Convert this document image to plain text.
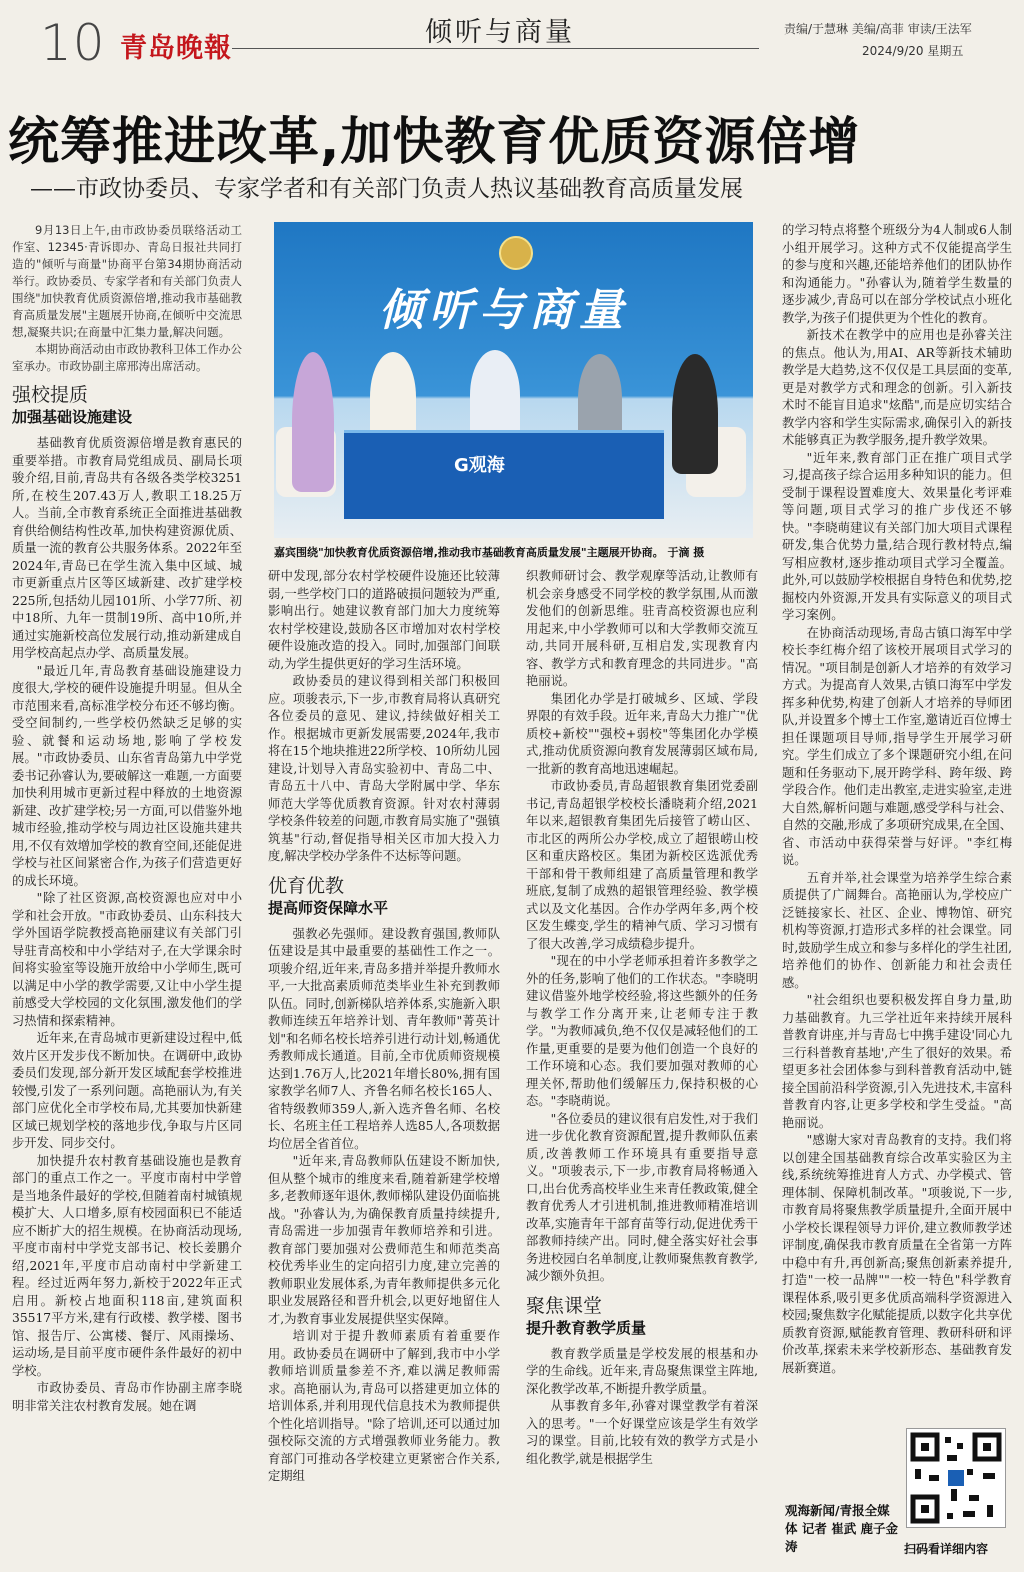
10 青岛晚報
倾听与商量	责编/于慧琳 美编/高菲 审读/王法军
2024/9/20 星期五
统筹推进改革,加快教育优质资源倍增
——市政协委员、专家学者和有关部门负责人热议基础教育高质量发展

9月13日上午,由市政协委员联络活动工作室、12345·青诉即办、青岛日报社共同打造的"倾听与商量"协商平台第34期协商活动举行。政协委员、专家学者和有关部门负责人围绕"加快教育优质资源倍增,推动我市基础教育高质量发展"主题展开协商,在倾听中交流思想,凝聚共识;在商量中汇集力量,解决问题。

本期协商活动由市政协教科卫体工作办公室承办。市政协副主席邢涛出席活动。

强校提质
加强基础设施建设

基础教育优质资源倍增是教育惠民的重要举措。市教育局党组成员、副局长项骏介绍,目前,青岛共有各级各类学校3251所,在校生207.43万人,教职工18.25万人。当前,全市教育系统正全面推进基础教育供给侧结构性改革,加快构建资源优质、质量一流的教育公共服务体系。2022年至2024年,青岛已在学生流入集中区域、城市更新重点片区等区域新建、改扩建学校225所,包括幼儿园101所、小学77所、初中18所、九年一贯制19所、高中10所,并通过实施新校高位发展行动,推动新建成自用学校高起点办学、高质量发展。

"最近几年,青岛教育基础设施建设力度很大,学校的硬件设施提升明显。但从全市范围来看,高标准学校分布还不够均衡。受空间制约,一些学校仍然缺乏足够的实验、就餐和运动场地,影响了学校发展。"市政协委员、山东省青岛第九中学党委书记孙睿认为,要破解这一难题,一方面要加快利用城市更新过程中释放的土地资源新建、改扩建学校;另一方面,可以借鉴外地城市经验,推动学校与周边社区设施共建共用,不仅有效增加学校的教育空间,还能促进学校与社区间紧密合作,为孩子们营造更好的成长环境。

"除了社区资源,高校资源也应对中小学和社会开放。"市政协委员、山东科技大学外国语学院教授高艳丽建议有关部门引导驻青高校和中小学结对子,在大学课余时间将实验室等设施开放给中小学师生,既可以满足中小学的教学需要,又让中小学生提前感受大学校园的文化氛围,激发他们的学习热情和探索精神。

近年来,在青岛城市更新建设过程中,低效片区开发步伐不断加快。在调研中,政协委员们发现,部分新开发区域配套学校推进较慢,引发了一系列问题。高艳丽认为,有关部门应优化全市学校布局,尤其要加快新建区域已规划学校的落地步伐,争取与片区同步开发、同步交付。

加快提升农村教育基础设施也是教育部门的重点工作之一。平度市南村中学曾是当地条件最好的学校,但随着南村城镇规模扩大、人口增多,原有校园面积已不能适应不断扩大的招生规模。在协商活动现场,平度市南村中学党支部书记、校长姜鹏介绍,2021年,平度市启动南村中学新建工程。经过近两年努力,新校于2022年正式启用。新校占地面积118亩,建筑面积35517平方米,建有行政楼、教学楼、图书馆、报告厅、公寓楼、餐厅、风雨操场、运动场,是目前平度市硬件条件最好的初中学校。

市政协委员、青岛市作协副主席李晓明非常关注农村教育发展。她在调

倾听与商量
G观海
嘉宾围绕"加快教育优质资源倍增,推动我市基础教育高质量发展"主题展开协商。 于滴 摄

研中发现,部分农村学校硬件设施还比较薄弱,一些学校门口的道路破损问题较为严重,影响出行。她建议教育部门加大力度统筹农村学校建设,鼓励各区市增加对农村学校硬件设施改造的投入。同时,加强部门间联动,为学生提供更好的学习生活环境。

政协委员的建议得到相关部门积极回应。项骏表示,下一步,市教育局将认真研究各位委员的意见、建议,持续做好相关工作。根据城市更新发展需要,2024年,我市将在15个地块推进22所学校、10所幼儿园建设,计划导入青岛实验初中、青岛二中、青岛五十八中、青岛大学附属中学、华东师范大学等优质教育资源。针对农村薄弱学校条件较差的问题,市教育局实施了"强镇筑基"行动,督促指导相关区市加大投入力度,解决学校办学条件不达标等问题。

优育优教
提高师资保障水平

强教必先强师。建设教育强国,教师队伍建设是其中最重要的基础性工作之一。项骏介绍,近年来,青岛多措并举提升教师水平,一大批高素质师范类毕业生补充到教师队伍。同时,创新梯队培养体系,实施新入职教师连续五年培养计划、青年教师"菁英计划"和名师名校长培养引进行动计划,畅通优秀教师成长通道。目前,全市优质师资规模达到1.76万人,比2021年增长80%,拥有国家教学名师7人、齐鲁名师名校长165人、省特级教师359人,新入选齐鲁名师、名校长、名班主任工程培养人选85人,各项数据均位居全省首位。

"近年来,青岛教师队伍建设不断加快,但从整个城市的维度来看,随着新建学校增多,老教师逐年退休,教师梯队建设仍面临挑战。"孙睿认为,为确保教育质量持续提升,青岛需进一步加强青年教师培养和引进。教育部门要加强对公费师范生和师范类高校优秀毕业生的定向招引力度,建立完善的教师职业发展体系,为青年教师提供多元化职业发展路径和晋升机会,以更好地留住人才,为教育事业发展提供坚实保障。

培训对于提升教师素质有着重要作用。政协委员在调研中了解到,我市中小学教师培训质量参差不齐,难以满足教师需求。高艳丽认为,青岛可以搭建更加立体的培训体系,并利用现代信息技术为教师提供个性化培训指导。"除了培训,还可以通过加强校际交流的方式增强教师业务能力。教育部门可推动各学校建立更紧密合作关系,定期组

织教师研讨会、教学观摩等活动,让教师有机会亲身感受不同学校的教学氛围,从而激发他们的创新思维。驻青高校资源也应利用起来,中小学教师可以和大学教师交流互动,共同开展科研,互相启发,实现教育内容、教学方式和教育理念的共同进步。"高艳丽说。

集团化办学是打破城乡、区域、学段界限的有效手段。近年来,青岛大力推广"优质校+新校""强校+弱校"等集团化办学模式,推动优质资源向教育发展薄弱区域布局,一批新的教育高地迅速崛起。

市政协委员,青岛超银教育集团党委副书记,青岛超银学校校长潘晓莉介绍,2021年以来,超银教育集团先后接管了崂山区、市北区的两所公办学校,成立了超银崂山校区和重庆路校区。集团为新校区选派优秀干部和骨干教师组建了高质量管理和教学班底,复制了成熟的超银管理经验、教学模式以及文化基因。合作办学两年多,两个校区发生蝶变,学生的精神气质、学习习惯有了很大改善,学习成绩稳步提升。

"现在的中小学老师承担着许多教学之外的任务,影响了他们的工作状态。"李晓明建议借鉴外地学校经验,将这些额外的任务与教学工作分离开来,让老师专注于教学。"为教师减负,绝不仅仅是减轻他们的工作量,更重要的是要为他们创造一个良好的工作环境和心态。我们要加强对教师的心理关怀,帮助他们缓解压力,保持积极的心态。"李晓萌说。

"各位委员的建议很有启发性,对于我们进一步优化教育资源配置,提升教师队伍素质,改善教师工作环境具有重要指导意义。"项骏表示,下一步,市教育局将畅通入口,出台优秀高校毕业生来青任教政策,健全教育优秀人才引进机制,推进教师精准培训改革,实施青年干部育苗等行动,促进优秀干部教师持续产出。同时,健全落实好社会事务进校园白名单制度,让教师聚焦教育教学,减少额外负担。

聚焦课堂
提升教育教学质量

教育教学质量是学校发展的根基和办学的生命线。近年来,青岛聚焦课堂主阵地,深化教学改革,不断提升教学质量。

从事教育多年,孙睿对课堂教学有着深入的思考。"一个好课堂应该是学生有效学习的课堂。目前,比较有效的教学方式是小组化教学,就是根据学生

的学习特点将整个班级分为4人制或6人制小组开展学习。这种方式不仅能提高学生的参与度和兴趣,还能培养他们的团队协作和沟通能力。"孙睿认为,随着学生数量的逐步减少,青岛可以在部分学校试点小班化教学,为孩子们提供更为个性化的教育。

新技术在教学中的应用也是孙睿关注的焦点。他认为,用AI、AR等新技术辅助教学是大趋势,这不仅仅是工具层面的变革,更是对教学方式和理念的创新。引入新技术时不能盲目追求"炫酷",而是应切实结合教学内容和学生实际需求,确保引入的新技术能够真正为教学服务,提升教学效果。

"近年来,教育部门正在推广项目式学习,提高孩子综合运用多种知识的能力。但受制于课程设置难度大、效果量化考评难等问题,项目式学习的推广步伐还不够快。"李晓萌建议有关部门加大项目式课程研发,集合优势力量,结合现行教材特点,编写相应教材,逐步推动项目式学习全覆盖。此外,可以鼓励学校根据自身特色和优势,挖掘校内外资源,开发具有实际意义的项目式学习案例。

在协商活动现场,青岛古镇口海军中学校长李红梅介绍了该校开展项目式学习的情况。"项目制是创新人才培养的有效学习方式。为提高育人效果,古镇口海军中学发挥多种优势,构建了创新人才培养的导师团队,并设置多个博士工作室,邀请近百位博士担任课题项目导师,指导学生开展学习研究。学生们成立了多个课题研究小组,在问题和任务驱动下,展开跨学科、跨年级、跨学段合作。他们走出教室,走进实验室,走进大自然,解析问题与难题,感受学科与社会、自然的交融,形成了多项研究成果,在全国、省、市活动中获得荣誉与好评。"李红梅说。

五育并举,社会课堂为培养学生综合素质提供了广阔舞台。高艳丽认为,学校应广泛链接家长、社区、企业、博物馆、研究机构等资源,打造形式多样的社会课堂。同时,鼓励学生成立和参与多样化的学生社团,培养他们的协作、创新能力和社会责任感。

"社会组织也要积极发挥自身力量,助力基础教育。九三学社近年来持续开展科普教育讲座,并与青岛七中携手建设'同心九三行科普教育基地',产生了很好的效果。希望更多社会团体参与到科普教育活动中,链接全国前沿科学资源,引入先进技术,丰富科普教育内容,让更多学校和学生受益。"高艳丽说。

"感谢大家对青岛教育的支持。我们将以创建全国基础教育综合改革实验区为主线,系统统筹推进育人方式、办学模式、管理体制、保障机制改革。"项骏说,下一步,市教育局将聚焦教学质量提升,全面开展中小学校长课程领导力评价,建立教师教学述评制度,确保我市教育质量在全省第一方阵中稳中有升,再创新高;聚焦创新素养提升,打造"一校一品牌""一校一特色"科学教育课程体系,吸引更多优质高端科学资源进入校园;聚焦数字化赋能提质,以数字化共享优质教育资源,赋能教育管理、教研科研和评价改革,探索未来学校新形态、基础教育发展新赛道。

观海新闻/青报全媒体 记者 崔武 鹿子金涛	扫码看详细内容
